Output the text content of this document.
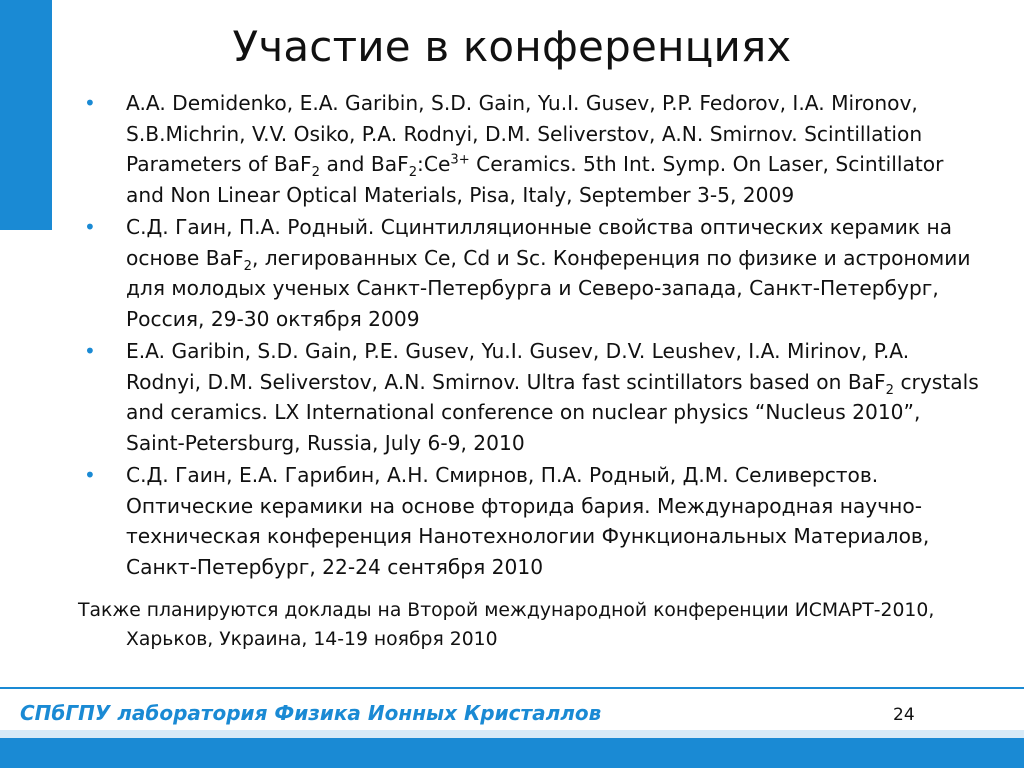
Участие в конференциях
• A.A. Demidenko, E.A. Garibin, S.D. Gain, Yu.I. Gusev, P.P. Fedorov, I.A. Mironov, S.B.Michrin, V.V. Osiko, P.A. Rodnyi, D.M. Seliverstov, A.N. Smirnov. Scintillation Parameters of BaF$_2$ and $BaF_2:Ce^{3+}$ Ceramics. 5th Int. Symp. On Laser, Scintillator and Non Linear Optical Materials, Pisa, Italy, September 3-5, 2009
• С.Д. Гаин, П.А. Родный. Сцинтилляционные свойства оптических керамик на основе BaF$_2$, легированных Ce, Cd и Sc. Конференция по физике и астрономии для молодых ученых Санкт-Петербурга и Северо-запада, Санкт-Петербург, Россия, 29-30 октября 2009
• E.A. Garibin, S.D. Gain, P.E. Gusev, Yu.I. Gusev, D.V. Leushev, I.A. Mirinov, P.A. Rodnyi, D.M. Seliverstov, A.N. Smirnov. Ultra fast scintillators based on BaF$_2$ crystals and ceramics. LX International conference on nuclear physics “Nucleus 2010”, Saint-Petersburg, Russia, July 6-9, 2010
• С.Д. Гаин, Е.А. Гарибин, А.Н. Смирнов, П.А. Родный, Д.М. Селиверстов. Оптические керамики на основе фторида бария. Международная научно-техническая конференция Нанотехнологии Функциональных Материалов, Санкт-Петербург, 22-24 сентября 2010
Также планируются доклады на Второй международной конференции ИСМАРТ-2010, Харьков, Украина, 14-19 ноября 2010
СПбГПУ лаборатория Физика Ионных Кристаллов	24
